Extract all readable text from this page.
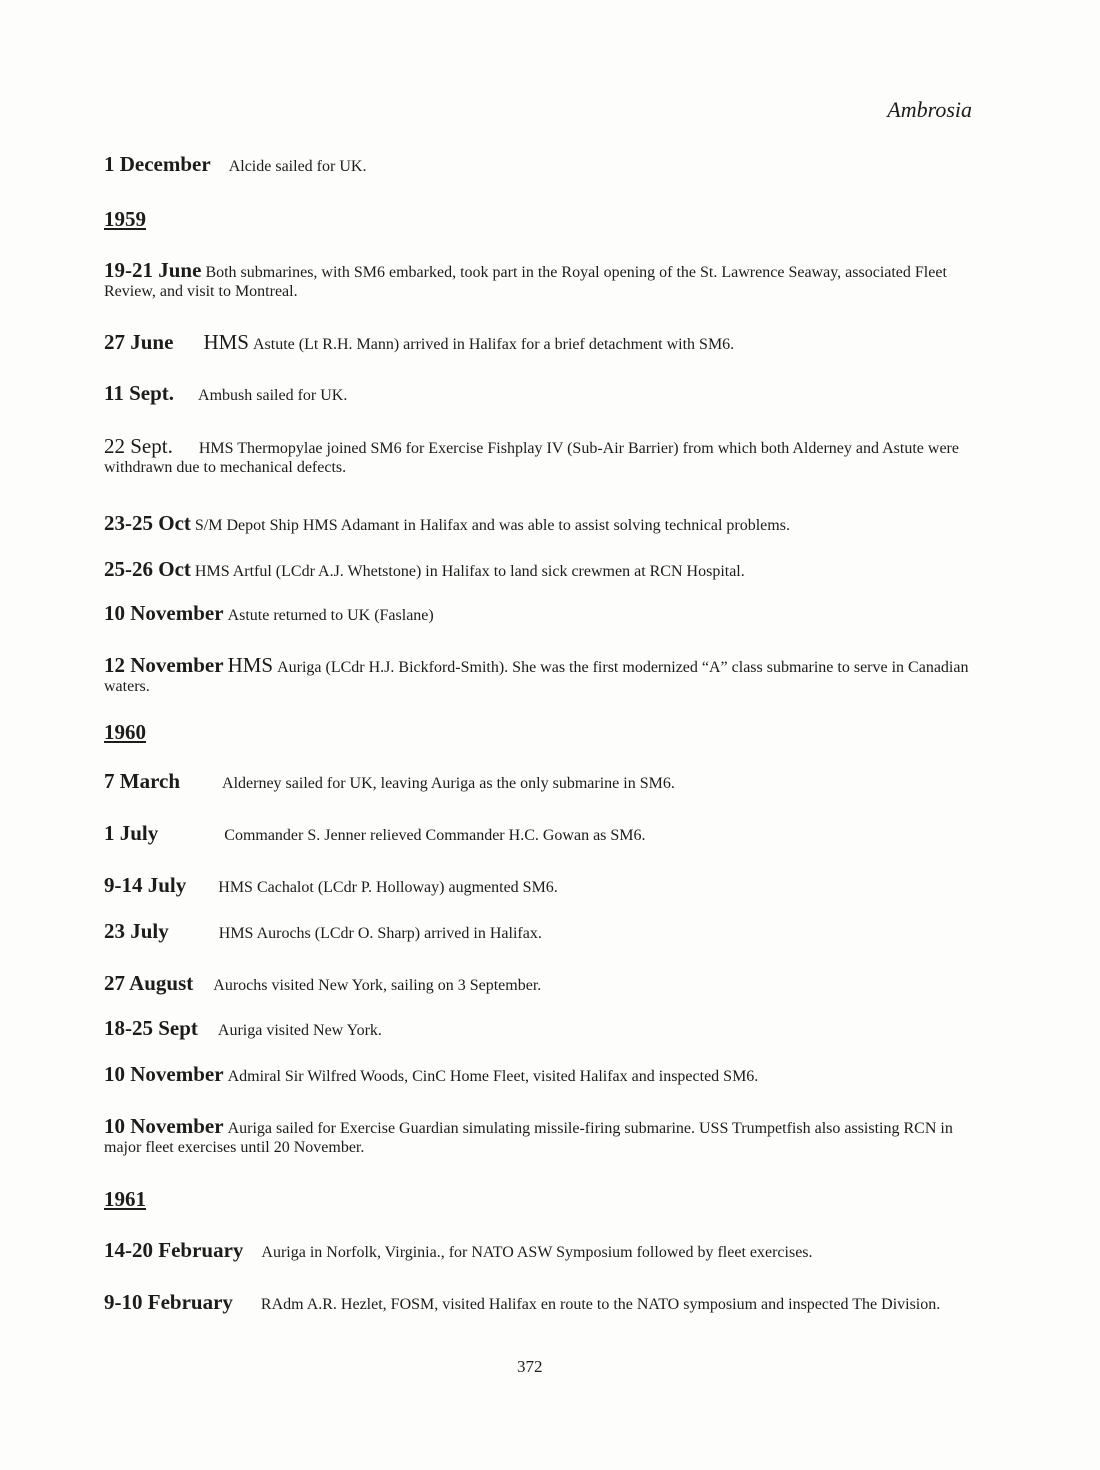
Ambrosia

1 December Alcide sailed for UK.

1959

19-21 June Both submarines, with SM6 embarked, took part in the Royal opening of the St. Lawrence Seaway, associated Fleet Review, and visit to Montreal.

27 June HMS Astute (Lt R.H. Mann) arrived in Halifax for a brief detachment with SM6.

11 Sept. Ambush sailed for UK.

22 Sept. HMS Thermopylae joined SM6 for Exercise Fishplay IV (Sub-Air Barrier) from which both Alderney and Astute were withdrawn due to mechanical defects.

23-25 Oct S/M Depot Ship HMS Adamant in Halifax and was able to assist solving technical problems.

25-26 Oct HMS Artful (LCdr A.J. Whetstone) in Halifax to land sick crewmen at RCN Hospital.

10 November Astute returned to UK (Faslane)

12 November HMS Auriga (LCdr H.J. Bickford-Smith). She was the first modernized “A” class submarine to serve in Canadian waters.

1960

7 March	Alderney sailed for UK, leaving Auriga as the only submarine in SM6.

1 July	Commander S. Jenner relieved Commander H.C. Gowan as SM6.

9-14 July HMS Cachalot (LCdr P. Holloway) augmented SM6.

23 July	HMS Aurochs (LCdr O. Sharp) arrived in Halifax.

27 August Aurochs visited New York, sailing on 3 September.

18-25 Sept Auriga visited New York.

10 November Admiral Sir Wilfred Woods, CinC Home Fleet, visited Halifax and inspected SM6.

10 November Auriga sailed for Exercise Guardian simulating missile-firing submarine. USS Trumpetfish also assisting RCN in major fleet exercises until 20 November.

1961

14-20 February Auriga in Norfolk, Virginia., for NATO ASW Symposium followed by fleet exercises.

9-10 February RAdm A.R. Hezlet, FOSM, visited Halifax en route to the NATO symposium and inspected The Division.

372
